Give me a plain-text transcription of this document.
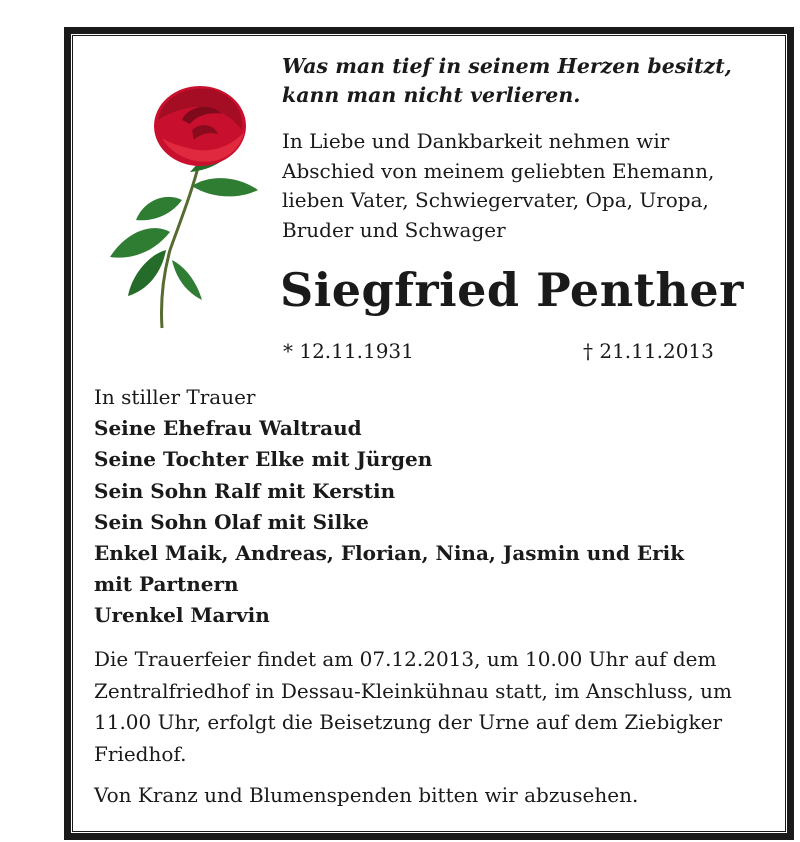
Was man tief in seinem Herzen besitzt,

kann man nicht verlieren.

In Liebe und Dankbarkeit nehmen wir

Abschied von meinem geliebten Ehemann,

lieben Vater, Schwiegervater, Opa, Uropa,

Bruder und Schwager

Siegfried Penther
* 12.11.1931	† 21.11.2013

In stiller Trauer

Seine Ehefrau Waltraud

Seine Tochter Elke mit Jürgen

Sein Sohn Ralf mit Kerstin

Sein Sohn Olaf mit Silke

Enkel Maik, Andreas, Florian, Nina, Jasmin und Erik

mit Partnern

Urenkel Marvin

Die Trauerfeier findet am 07.12.2013, um 10.00 Uhr auf dem

Zentralfriedhof in Dessau-Kleinkühnau statt, im Anschluss, um

11.00 Uhr, erfolgt die Beisetzung der Urne auf dem Ziebigker

Friedhof.

Von Kranz und Blumenspenden bitten wir abzusehen.
